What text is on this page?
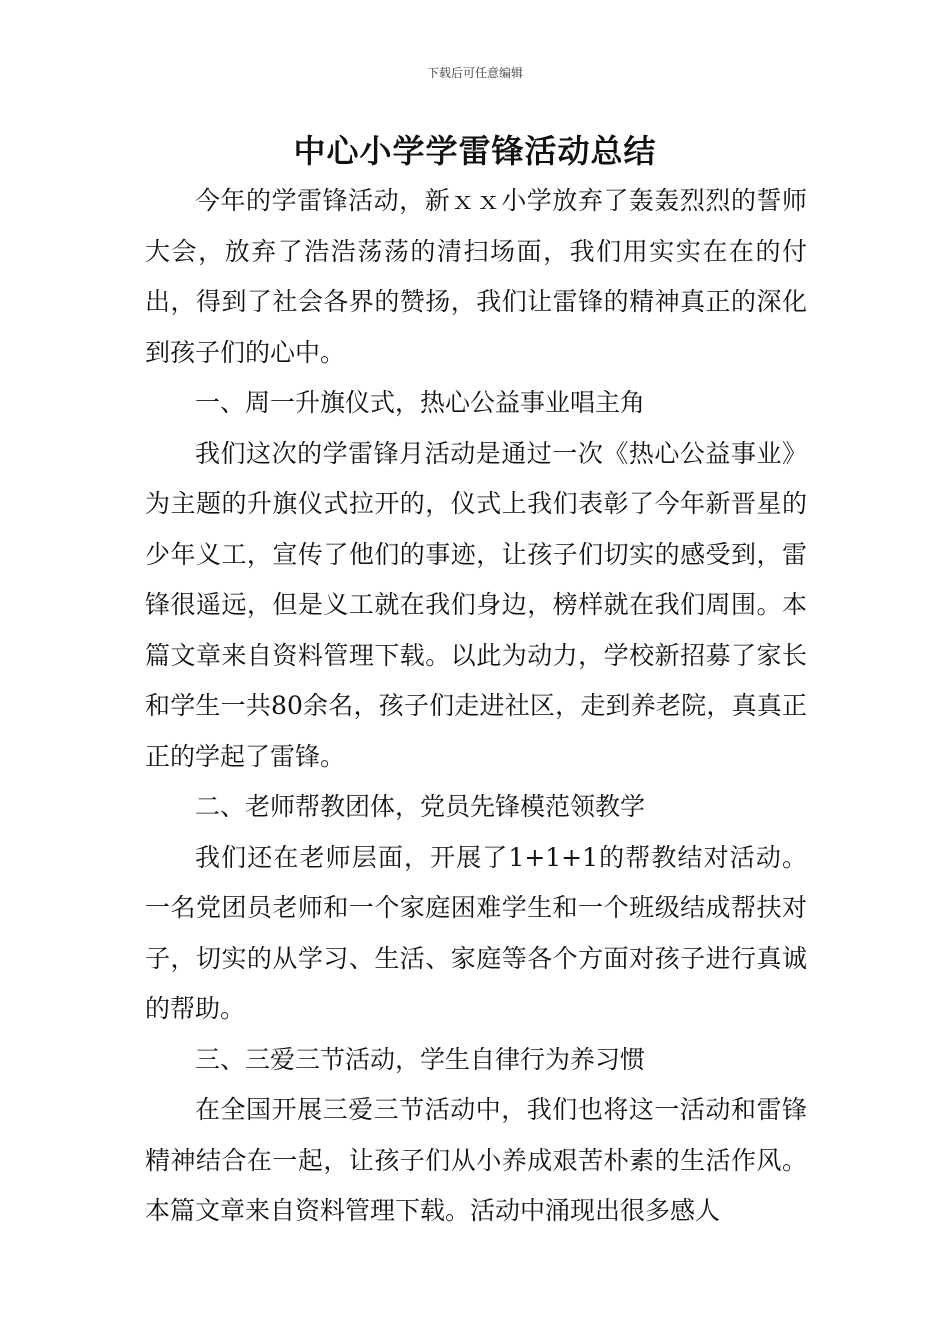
下载后可任意编辑
中心小学学雷锋活动总结

今年的学雷锋活动，新ｘｘ小学放弃了轰轰烈烈的誓师大会，放弃了浩浩荡荡的清扫场面，我们用实实在在的付出，得到了社会各界的赞扬，我们让雷锋的精神真正的深化到孩子们的心中。

一、周一升旗仪式，热心公益事业唱主角

我们这次的学雷锋月活动是通过一次《热心公益事业》为主题的升旗仪式拉开的，仪式上我们表彰了今年新晋星的少年义工，宣传了他们的事迹，让孩子们切实的感受到，雷锋很遥远，但是义工就在我们身边，榜样就在我们周围。本篇文章来自资料管理下载。以此为动力，学校新招募了家长和学生一共80余名，孩子们走进社区，走到养老院，真真正正的学起了雷锋。

二、老师帮教团体，党员先锋模范领教学

我们还在老师层面，开展了1+1+1的帮教结对活动。一名党团员老师和一个家庭困难学生和一个班级结成帮扶对子，切实的从学习、生活、家庭等各个方面对孩子进行真诚的帮助。

三、三爱三节活动，学生自律行为养习惯

在全国开展三爱三节活动中，我们也将这一活动和雷锋精神结合在一起，让孩子们从小养成艰苦朴素的生活作风。本篇文章来自资料管理下载。活动中涌现出很多感人
